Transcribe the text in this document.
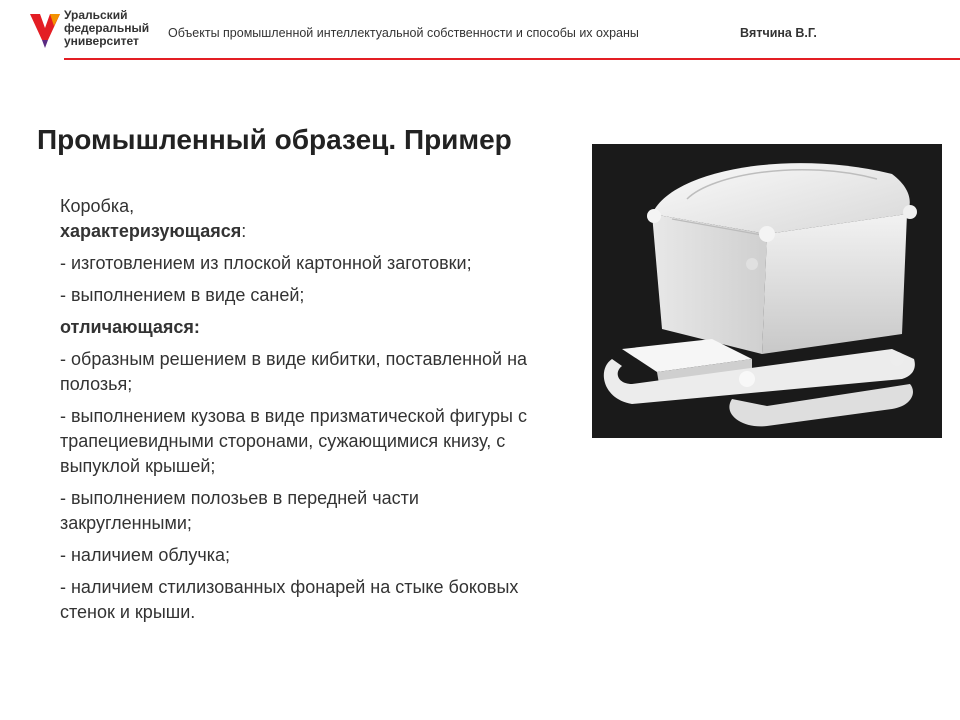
Уральский
федеральный
университет
Объекты промышленной интеллектуальной собственности и способы их охраны	Вятчина В.Г.
Промышленный образец. Пример

Коробка,

характеризующаяся:

- изготовлением из плоской картонной заготовки;

- выполнением в виде саней;

отличающаяся:

- образным решением в виде кибитки, поставленной на полозья;

- выполнением кузова в виде призматической фигуры с трапециевидными сторонами, сужающимися книзу, с выпуклой крышей;

- выполнением полозьев в передней части закругленными;

- наличием облучка;

- наличием стилизованных фонарей на стыке боковых стенок и крыши.
